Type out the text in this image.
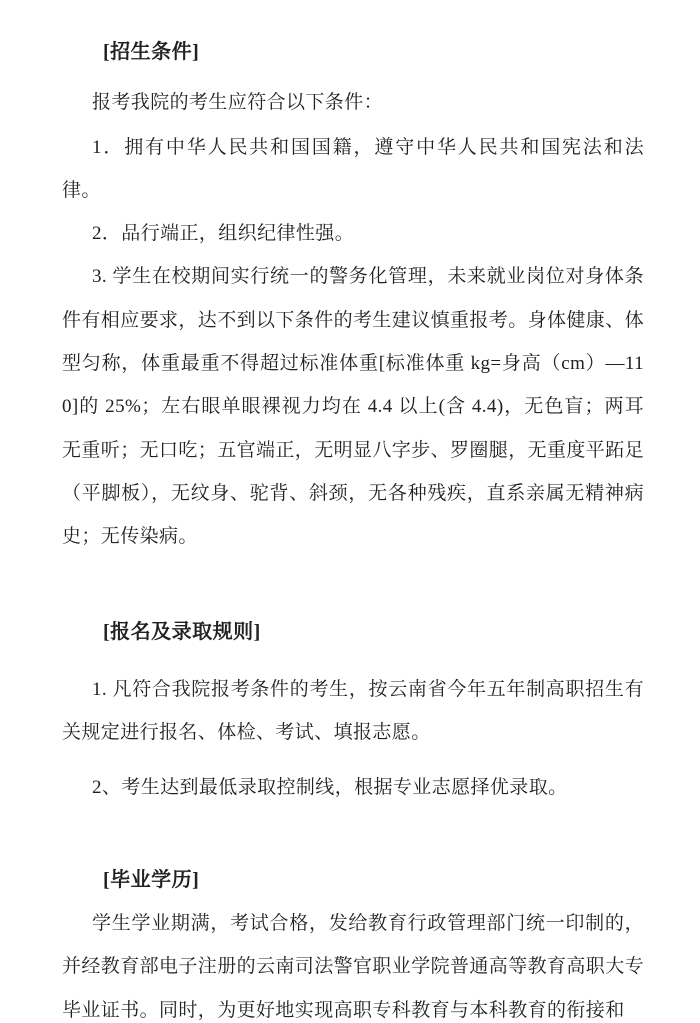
[招生条件]

报考我院的考生应符合以下条件：

1．拥有中华人民共和国国籍，遵守中华人民共和国宪法和法律。

2．品行端正，组织纪律性强。

3. 学生在校期间实行统一的警务化管理，未来就业岗位对身体条件有相应要求，达不到以下条件的考生建议慎重报考。身体健康、体型匀称，体重最重不得超过标准体重[标准体重 kg=身高（cm）—110]的 25%；左右眼单眼裸视力均在 4.4 以上(含 4.4)，无色盲；两耳无重听；无口吃；五官端正，无明显八字步、罗圈腿，无重度平跖足（平脚板），无纹身、驼背、斜颈，无各种残疾，直系亲属无精神病史；无传染病。

[报名及录取规则]

1. 凡符合我院报考条件的考生，按云南省今年五年制高职招生有关规定进行报名、体检、考试、填报志愿。

2、考生达到最低录取控制线，根据专业志愿择优录取。

[毕业学历]

学生学业期满，考试合格，发给教育行政管理部门统一印制的，并经教育部电子注册的云南司法警官职业学院普通高等教育高职大专毕业证书。同时，为更好地实现高职专科教育与本科教育的衔接和
